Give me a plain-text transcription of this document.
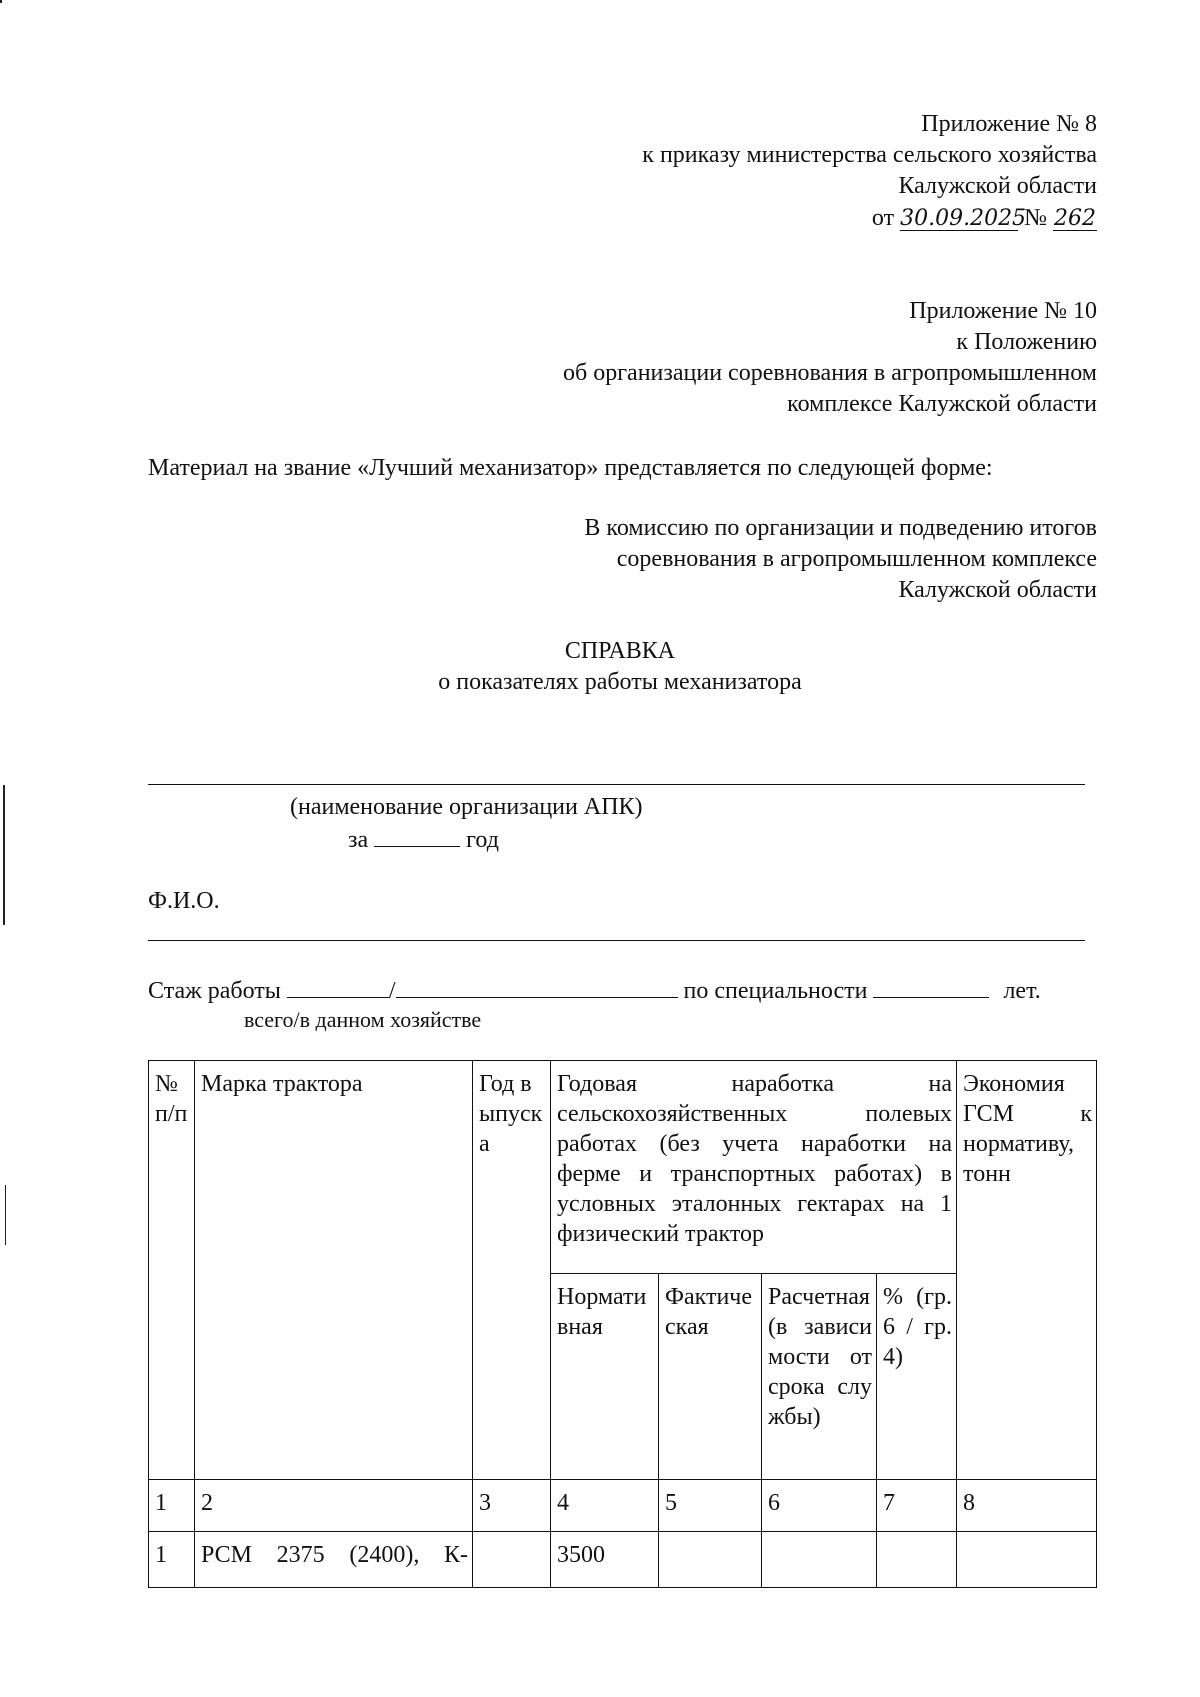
Приложение № 8
к приказу министерства сельского хозяйства
Калужской области
от 30.09.2025 № 262
Приложение № 10
к Положению
об организации соревнования в агропромышленном
комплексе Калужской области
Материал на звание «Лучший механизатор» представляется по следующей форме:
В комиссию по организации и подведению итогов
соревнования в агропромышленном комплексе
Калужской области
СПРАВКА
о показателях работы механизатора
(наименование организации АПК)
за	год
Ф.И.О.
Стаж работы	/	по специальности	лет.
всего/в данном хозяйстве
№ п/п	Марка трактора	Год выпуска	Годовая наработка на сельскохозяйственных полевых работах (без учета наработки на ферме и транспортных работах) в условных эталонных гектарах на 1 физический трактор				Экономия ГСМ к нормативу, тонн
			Нормативная	Фактическая	Расчетная (в зависимости от срока службы)	% (гр. 6 / гр. 4)	
1	2	3	4	5	6	7	8
1	РСМ 2375 (2400), К-		3500				
